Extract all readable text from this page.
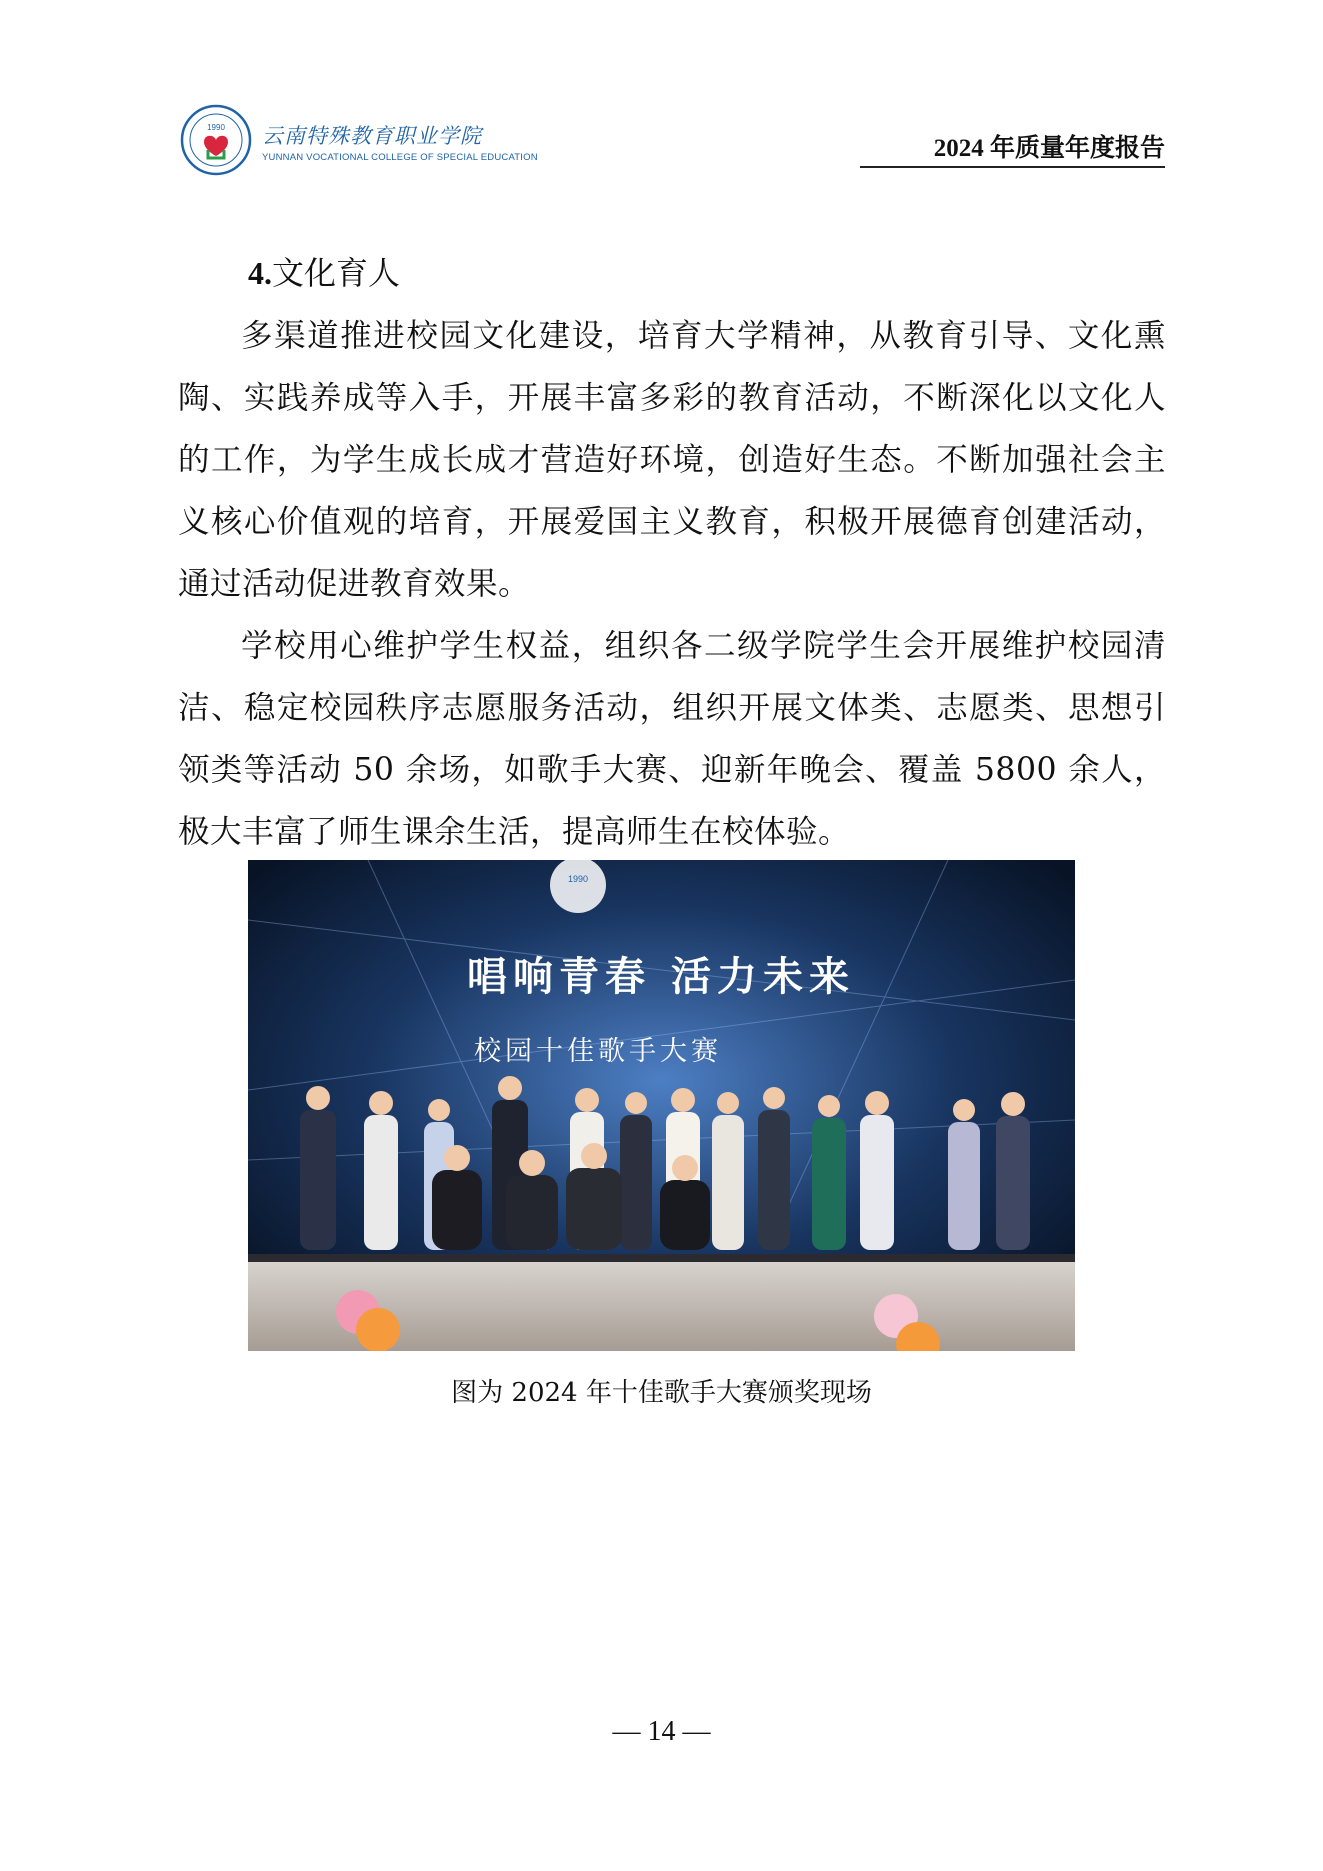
1990 云南特殊教育职业学院
YUNNAN VOCATIONAL COLLEGE OF SPECIAL EDUCATION	2024 年质量年度报告
4.文化育人
多渠道推进校园文化建设，培育大学精神，从教育引导、文化熏陶、实践养成等入手，开展丰富多彩的教育活动，不断深化以文化人的工作，为学生成长成才营造好环境，创造好生态。不断加强社会主义核心价值观的培育，开展爱国主义教育，积极开展德育创建活动，通过活动促进教育效果。
学校用心维护学生权益，组织各二级学院学生会开展维护校园清洁、稳定校园秩序志愿服务活动，组织开展文体类、志愿类、思想引领类等活动 50 余场，如歌手大赛、迎新年晚会、覆盖 5800 余人，极大丰富了师生课余生活，提高师生在校体验。
1990
唱响青春 活力未来
校园十佳歌手大赛
图为 2024 年十佳歌手大赛颁奖现场
— 14 —
